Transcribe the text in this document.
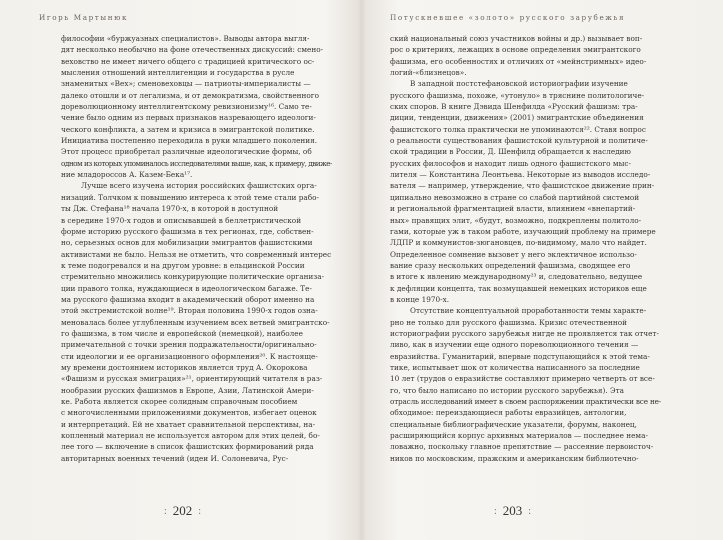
Игорь Мартынюк
философии «буржуазных специалистов». Выводы автора выгля-
дят несколько необычно на фоне отечественных дискуссий: смено-
веховство не имеет ничего общего с традицией критического ос-
мысления отношений интеллигенции и государства в русле
знаменитых «Вех»; сменовеховцы — патриоты-империалисты —
далеко отошли и от легализма, и от демократизма, свойственного
дореволюционному интеллигентскому ревизионизму¹⁶. Само те-
чение было одним из первых признаков назревающего идеологи-
ческого конфликта, а затем и кризиса в эмигрантской политике.
Инициатива постепенно переходила в руки младшего поколения.
Этот процесс приобретал различные идеологические формы, об
одном из которых упоминалось исследователями выше, как, к примеру, движе-
ние младороссов А. Казем-Бека¹⁷.
Лучше всего изучена история российских фашистских орга-
низаций. Толчком к повышению интереса к этой теме стали рабо-
ты Дж. Стефана¹⁸ начала 1970-х, в которой в доступной
в середине 1970-х годов и описывавшей в беллетристической
форме историю русского фашизма в тех регионах, где, собствен-
но, серьезных основ для мобилизации эмигрантов фашистскими
активистами не было. Нельзя не отметить, что современный интерес
к теме подогревался и на другом уровне: в ельцинской России
стремительно множились конкурирующие политические организа-
ции правого толка, нуждающиеся в идеологическом багаже. Те-
ма русского фашизма входит в академический оборот именно на
этой экстремистской волне¹⁹. Вторая половина 1990-х годов озна-
меновалась более углубленным изучением всех ветвей эмигрантско-
го фашизма, в том числе и европейской (немецкой), наиболее
примечательной с точки зрения подражательности/оригинально-
сти идеологии и ее организационного оформления²⁰. К настояще-
му времени достоянием историков является труд А. Окорокова
«Фашизм и русская эмиграция»²¹, ориентирующий читателя в раз-
нообразии русских фашизмов в Европе, Азии, Латинской Амери-
ке. Работа является скорее солидным справочным пособием
с многочисленными приложениями документов, избегает оценок
и интерпретаций. Ей не хватает сравнительной перспективы, на-
копленный материал не используется автором для этих целей, бо-
лее того — включение в список фашистских формирований ряда
авторитарных военных течений (идеи И. Солоневича, Рус-
: 202 :
Потускневшее «золото» русского зарубежья
ский национальный союз участников войны и др.) вызывает воп-
рос о критериях, лежащих в основе определения эмигрантского
фашизма, его особенностях и отличиях от «мейнстримных» идео-
логий-«близнецов».
В западной постстефановской историографии изучение
русского фашизма, похоже, «утонуло» в тряснине политологиче-
ских споров. В книге Дэвида Шенфилда «Русский фашизм: тра-
диции, тенденции, движения» (2001) эмигрантские объединения
фашистского толка практически не упоминаются²². Ставя вопрос
о реальности существования фашистской культурной и политиче-
ской традиции в России, Д. Шенфилд обращается к наследию
русских философов и находит лишь одного фашистского мыс-
лителя — Константина Леонтьева. Некоторые из выводов исследо-
вателя — например, утверждение, что фашистское движение прин-
ципиально невозможно в стране со слабой партийной системой
и региональной фрагментацией власти, влиянием «внепартий-
ных» правящих элит, «будут, возможно, подкреплены политоло-
гами, которые уж в таком работе, изучающий проблему на примере
ЛДПР и коммунистов-зюгановцев, по-видимому, мало что найдет.
Определенное сомнение вызовет у него эклектичное использо-
вание сразу нескольких определений фашизма, сводящее его
в итоге к явлению международному²³ и, следовательно, ведущее
к дефляции концепта, так возмущавшей немецких историков еще
в конце 1970-х.
Отсутствие концептуальной проработанности темы характе-
рно не только для русского фашизма. Кризис отечественной
историографии русского зарубежья нигде не проявляется так отчет-
ливо, как в изучении еще одного пореволюционного течения —
евразийства. Гуманитарий, впервые подступающийся к этой тема-
тике, испытывает шок от количества написанного за последние
10 лет (трудов о евразийстве составляют примерно четверть от все-
го, что было написано по истории русского зарубежья). Эта
отрасль исследований имеет в своем распоряжении практически все не-
обходимое: переиздающиеся работы евразийцев, антологии,
специальные библиографические указатели, форумы, наконец,
расширяющийся корпус архивных материалов — последнее нема-
ловажно, поскольку главное препятствие — рассеяние первоисточ-
ников по московским, пражским и американским библиотечно-
: 203 :
